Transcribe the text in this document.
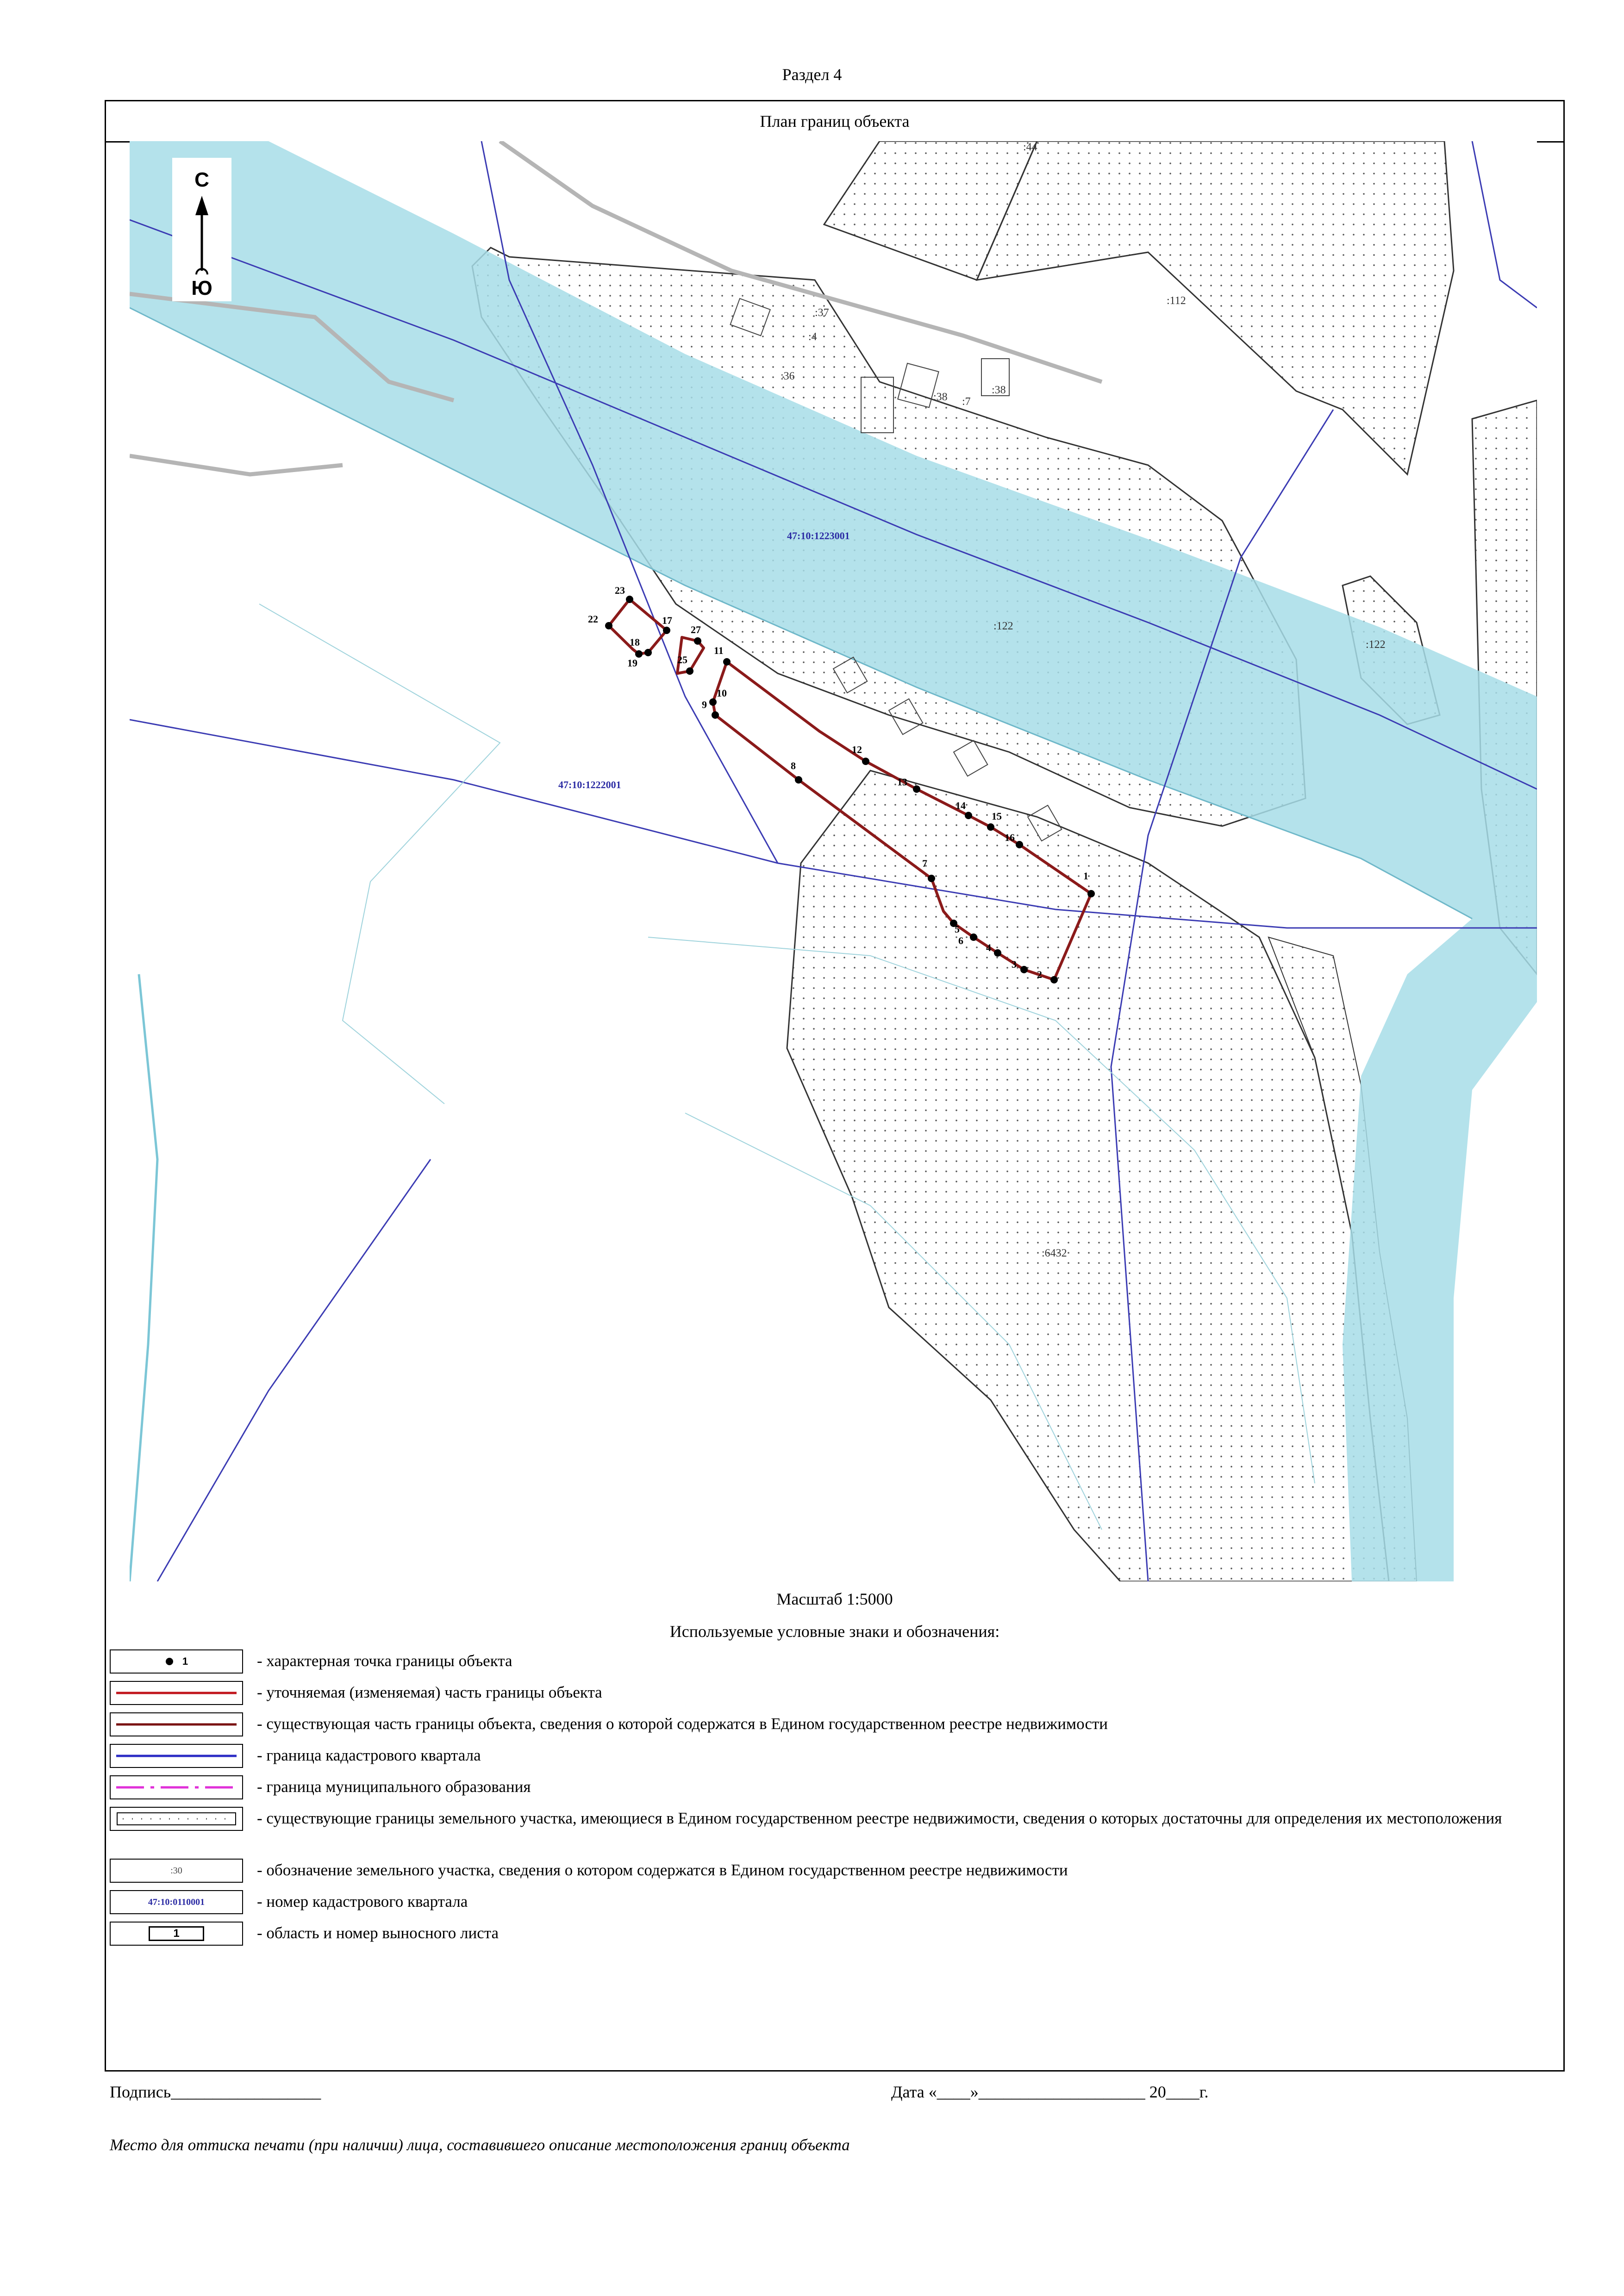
Раздел 4
План границ объекта
1
2
3
4
5
6
7
8
9
10
11
12
13
14
15
16
17
18
19
22
23
25
27
:44
:112
:37
:4
:36
:38 :7
:38
:122
:122
:6432
47:10:1223001
47:10:1222001
С
Ю
Масштаб 1:5000
Используемые условные знаки и обозначения:
1	- характерная точка границы объекта
- уточняемая (изменяемая) часть границы объекта
- существующая часть границы объекта, сведения о которой содержатся в Едином государственном реестре недвижимости
- граница кадастрового квартала
- граница муниципального образования
- существующие границы земельного участка, имеющиеся в Едином государственном реестре недвижимости, сведения о которых достаточны для определения их местоположения
:30	- обозначение земельного участка, сведения о котором содержатся в Едином государственном реестре недвижимости
47:10:0110001	- номер кадастрового квартала
1	- область и номер выносного листа
Подпись__________________	Дата «____»____________________ 20____г.
Место для оттиска печати (при наличии) лица, составившего описание местоположения границ объекта
